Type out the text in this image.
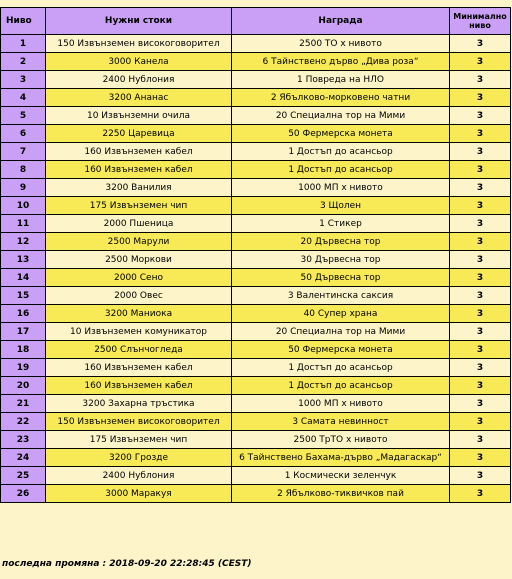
Ниво	Нужни стоки	Награда	Минимално ниво
1	150 Извънземен високоговорител	2500 ТО х нивото	3
2	3000 Канела	6 Тайнствено дърво „Дива роза“	3
3	2400 Нублония	1 Повреда на НЛО	3
4	3200 Ананас	2 Ябълково-морковено чатни	3
5	10 Извънземни очила	20 Специална тор на Мими	3
6	2250 Царевица	50 Фермерска монета	3
7	160 Извънземен кабел	1 Достъп до асансьор	3
8	160 Извънземен кабел	1 Достъп до асансьор	3
9	3200 Ванилия	1000 МП х нивото	3
10	175 Извънземен чип	3 Щолен	3
11	2000 Пшеница	1 Стикер	3
12	2500 Марули	20 Дървесна тор	3
13	2500 Моркови	30 Дървесна тор	3
14	2000 Сено	50 Дървесна тор	3
15	2000 Овес	3 Валентинска саксия	3
16	3200 Маниока	40 Супер храна	3
17	10 Извънземен комуникатор	20 Специална тор на Мими	3
18	2500 Слънчогледа	50 Фермерска монета	3
19	160 Извънземен кабел	1 Достъп до асансьор	3
20	160 Извънземен кабел	1 Достъп до асансьор	3
21	3200 Захарна тръстика	1000 МП х нивото	3
22	150 Извънземен високоговорител	3 Самата невинност	3
23	175 Извънземен чип	2500 ТрТО х нивото	3
24	3200 Грозде	6 Тайнствено Бахама-дърво „Мадагаскар“	3
25	2400 Нублония	1 Космически зеленчук	3
26	3000 Маракуя	2 Ябълково-тиквичков пай	3
последна промяна : 2018-09-20 22:28:45 (CEST)
